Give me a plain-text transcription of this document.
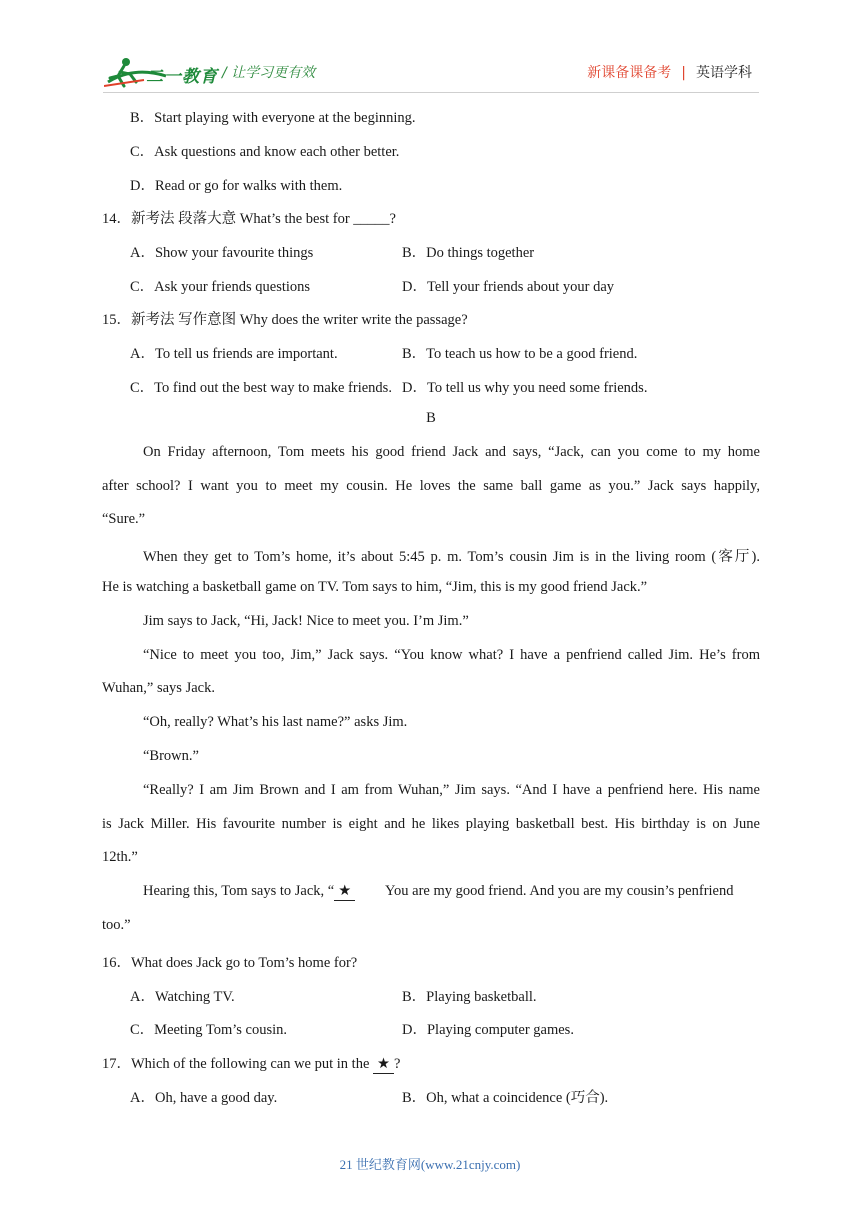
二一教育 / 让学习更有效	新课备课备考 | 英语学科
B．Start playing with everyone at the beginning.
C．Ask questions and know each other better.
D．Read or go for walks with them.
14．新考法 段落大意 What’s the best for _____?
A．Show your favourite things	B．Do things together
C．Ask your friends questions	D．Tell your friends about your day
15．新考法 写作意图 Why does the writer write the passage?
A．To tell us friends are important.	B．To teach us how to be a good friend.
C．To find out the best way to make friends. D．To tell us why you need some friends.
B
On Friday afternoon, Tom meets his good friend Jack and says, “Jack, can you come to my home
after school? I want you to meet my cousin. He loves the same ball game as you.” Jack says happily,
“Sure.”
When they get to Tom’s home, it’s about 5:45 p. m. Tom’s cousin Jim is in the living room (客厅).
He is watching a basketball game on TV. Tom says to him, “Jim, this is my good friend Jack.”
Jim says to Jack, “Hi, Jack! Nice to meet you. I’m Jim.”
“Nice to meet you too, Jim,” Jack says. “You know what? I have a penfriend called Jim. He’s from
Wuhan,” says Jack.
“Oh, really? What’s his last name?” asks Jim.
“Brown.”
“Really? I am Jim Brown and I am from Wuhan,” Jim says. “And I have a penfriend here. His name
is Jack Miller. His favourite number is eight and he likes playing basketball best. His birthday is on June
12th.”
Hearing this, Tom says to Jack, “ ★ You are my good friend. And you are my cousin’s penfriend
too.”
16．What does Jack go to Tom’s home for?
A．Watching TV.	B．Playing basketball.
C．Meeting Tom’s cousin.	D．Playing computer games.
17．Which of the following can we put in the ★ ?
A．Oh, have a good day.	B．Oh, what a coincidence (巧合).
21 世纪教育网(www.21cnjy.com)
